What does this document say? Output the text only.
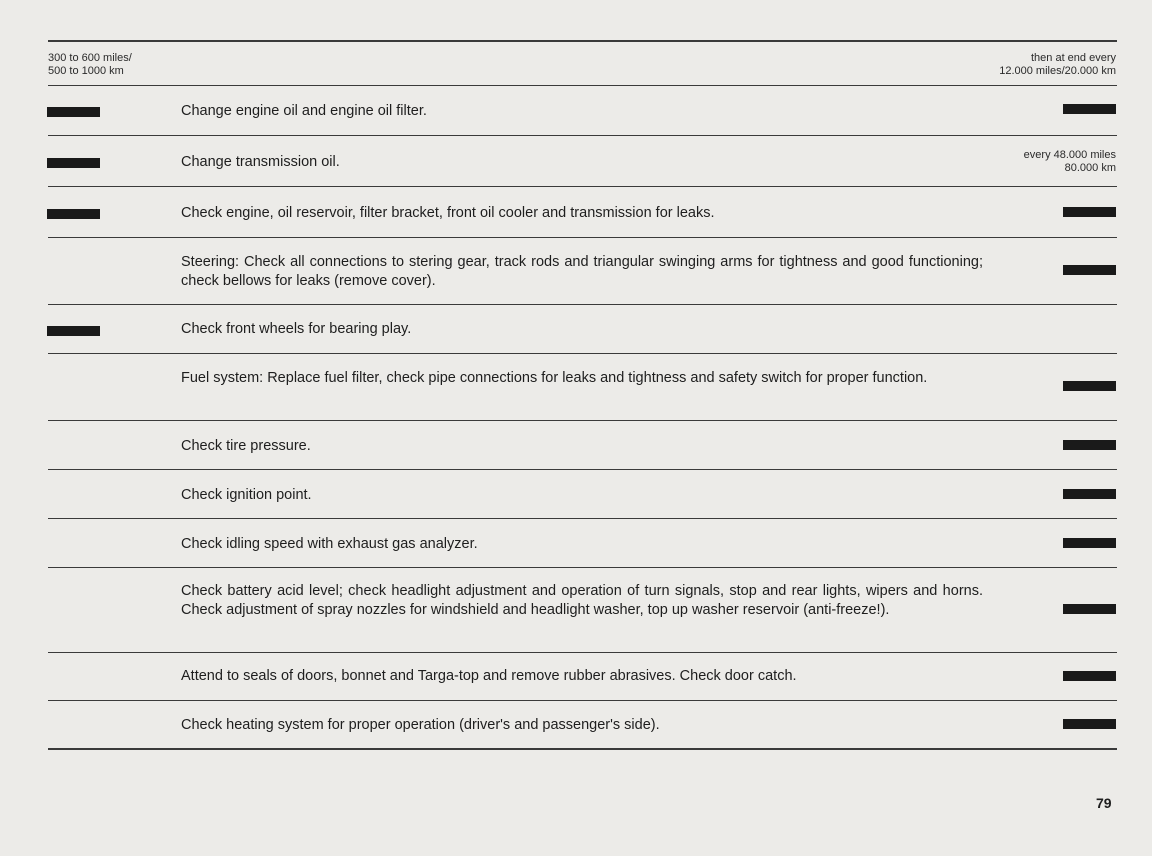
300 to 600 miles/
500 to 1000 km
then at end every
12.000 miles/20.000 km
Change engine oil and engine oil filter.
Change transmission oil.	every 48.000 miles
80.000 km
Check engine, oil reservoir, filter bracket, front oil cooler and transmission for leaks.
Steering: Check all connections to stering gear, track rods and triangular swinging arms for tightness and good functioning; check bellows for leaks (remove cover).
Check front wheels for bearing play.
Fuel system: Replace fuel filter, check pipe connections for leaks and tightness and safety switch for proper function.
Check tire pressure.
Check ignition point.
Check idling speed with exhaust gas analyzer.
Check battery acid level; check headlight adjustment and operation of turn signals, stop and rear lights, wipers and horns. Check adjustment of spray nozzles for windshield and headlight washer, top up washer reservoir (anti-freeze!).
Attend to seals of doors, bonnet and Targa-top and remove rubber abrasives. Check door catch.
Check heating system for proper operation (driver's and passenger's side).
79
